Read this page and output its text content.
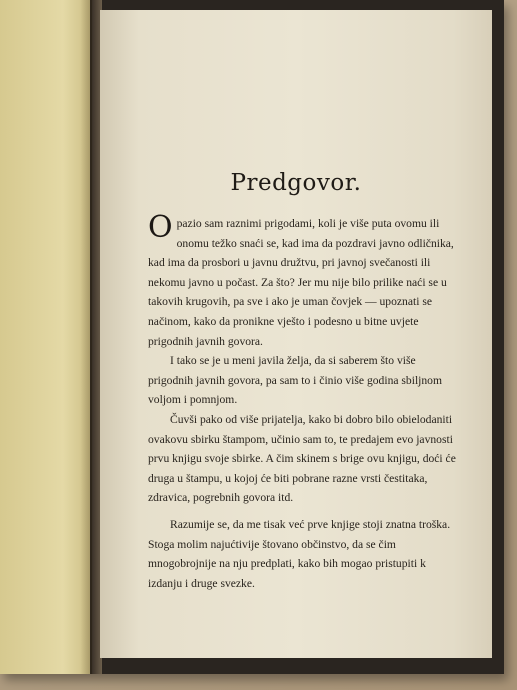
Predgovor.

Opazio sam raznimi prigodami, koli je više puta ovomu ili onomu težko snaći se, kad ima da pozdravi javno odličnika, kad ima da prosbori u javnu družtvu, pri javnoj svečanosti ili nekomu javno u počast. Za što? Jer mu nije bilo prilike naći se u takovih krugovih, pa sve i ako je uman čovjek — upoznati se načinom, kako da pronikne vješto i podesno u bitne uvjete prigodnih javnih govora.

I tako se je u meni javila želja, da si saberem što više prigodnih javnih govora, pa sam to i činio više godina sbiljnom voljom i pomnjom.

Čuvši pako od više prijatelja, kako bi dobro bilo obielodaniti ovakovu sbirku štampom, učinio sam to, te predajem evo javnosti prvu knjigu svoje sbirke. A čim skinem s brige ovu knjigu, doći će druga u štampu, u kojoj će biti pobrane razne vrsti čestitaka, zdravica, pogrebnih govora itd.

Razumije se, da me tisak već prve knjige stoji znatna troška. Stoga molim najućtivije štovano občinstvo, da se čim mnogobrojnije na nju predplati, kako bih mogao pristupiti k izdanju i druge svezke.
